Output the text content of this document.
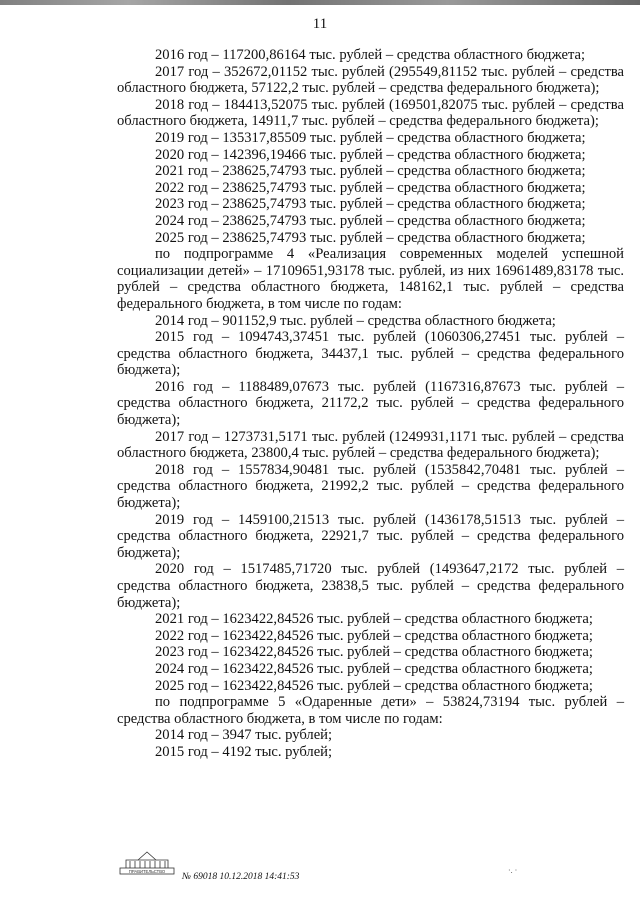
11

2016 год – 117200,86164 тыс. рублей – средства областного бюджета;

2017 год – 352672,01152 тыс. рублей (295549,81152 тыс. рублей – средства областного бюджета, 57122,2 тыс. рублей – средства федерального бюджета);

2018 год – 184413,52075 тыс. рублей (169501,82075 тыс. рублей – средства областного бюджета, 14911,7 тыс. рублей – средства федерального бюджета);

2019 год – 135317,85509 тыс. рублей – средства областного бюджета;

2020 год – 142396,19466 тыс. рублей – средства областного бюджета;

2021 год – 238625,74793 тыс. рублей – средства областного бюджета;

2022 год – 238625,74793 тыс. рублей – средства областного бюджета;

2023 год – 238625,74793 тыс. рублей – средства областного бюджета;

2024 год – 238625,74793 тыс. рублей – средства областного бюджета;

2025 год – 238625,74793 тыс. рублей – средства областного бюджета;

по подпрограмме 4 «Реализация современных моделей успешной социализации детей» – 17109651,93178 тыс. рублей, из них 16961489,83178 тыс. рублей – средства областного бюджета, 148162,1 тыс. рублей – средства федерального бюджета, в том числе по годам:

2014 год – 901152,9 тыс. рублей – средства областного бюджета;

2015 год – 1094743,37451 тыс. рублей (1060306,27451 тыс. рублей – средства областного бюджета, 34437,1 тыс. рублей – средства федерального бюджета);

2016 год – 1188489,07673 тыс. рублей (1167316,87673 тыс. рублей – средства областного бюджета, 21172,2 тыс. рублей – средства федерального бюджета);

2017 год – 1273731,5171 тыс. рублей (1249931,1171 тыс. рублей – средства областного бюджета, 23800,4 тыс. рублей – средства федерального бюджета);

2018 год – 1557834,90481 тыс. рублей (1535842,70481 тыс. рублей – средства областного бюджета, 21992,2 тыс. рублей – средства федерального бюджета);

2019 год – 1459100,21513 тыс. рублей (1436178,51513 тыс. рублей – средства областного бюджета, 22921,7 тыс. рублей – средства федерального бюджета);

2020 год – 1517485,71720 тыс. рублей (1493647,2172 тыс. рублей – средства областного бюджета, 23838,5 тыс. рублей – средства федерального бюджета);

2021 год – 1623422,84526 тыс. рублей – средства областного бюджета;

2022 год – 1623422,84526 тыс. рублей – средства областного бюджета;

2023 год – 1623422,84526 тыс. рублей – средства областного бюджета;

2024 год – 1623422,84526 тыс. рублей – средства областного бюджета;

2025 год – 1623422,84526 тыс. рублей – средства областного бюджета;

по подпрограмме 5 «Одаренные дети» – 53824,73194 тыс. рублей – средства областного бюджета, в том числе по годам:

2014 год – 3947 тыс. рублей;

2015 год – 4192 тыс. рублей;

ПРАВИТЕЛЬСТВО
№ 69018 10.12.2018 14:41:53
·. ·
